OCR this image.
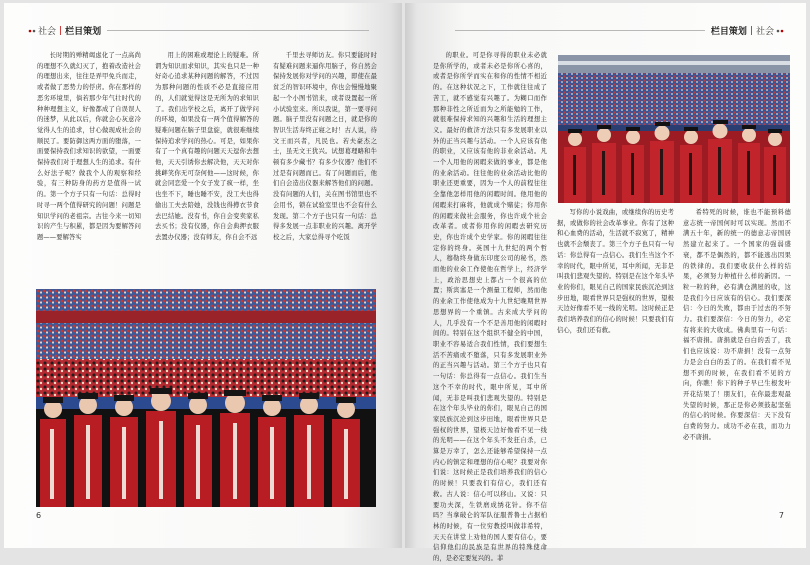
社会 | 栏目策划

长时期的殚精竭虑化了一点高尚的理想不久就幻灭了，抱着改造社会的理想出来，往往是弄甲免兵而走，或者做了恶势力的俘虏。你在那样的恶劣环境里，倘若那少年气壮时代的种种理想主义，好像都成了自误误人的迷梦，从此以后，你就会心灰意冷觉得人生的追求，甘心做现成社会的顺民了。要防御这两方面的堕落，一面要保持我们求知识的欲望，一面要保持我们对于理想人生的追求。有什么好法子呢？做我个人的观察和经验，有三种防身的药方是值得一试的。第一个方子只有一句话：总得时时寻一两个值得研究的问题！问题是知识学问的老祖宗。古往今来一切知识的产生与积累，都是因为要解答问题——要解答实

用上的困难或理论上的疑难。所谓为知识而求知识，其实也只是一种好奇心追求某种问题的解答，不过因为那种问题的性质不必是直接应用的，人们就觉得这是无所为的求知识了。我们出学校之后，离开了做学问的环境，如果没有一两个值得解答的疑难问题在脑子里盘旋，就很难继续保持追求学问的热心。可是，如果你有了一个真有趣的问题天天逗你去想他，天天引诱你去解决他，天天对你挑衅笑你无可奈何他——这时候，你就会同恋爱一个女子发了疯一样，坐也坐不下，睡也睡不安，没工夫也得偷出工夫去陪她，没钱也得撙衣节食去巴结她。没有书，你自会变卖家私去买书；没有仪器，你自会典押衣服去置办仪器；没有师友，你自会不远

千里去寻师访友。你只要能时时有疑难问题来逼你用脑子，你自然会保持发展你对学问的兴趣，即使在最贫乏的智识环境中，你也会慢慢地聚起一个小图书馆来，或者设置起一所小试验室来。所以我说，第一要寻问题。脑子里没有问题之日，就是你的智识生活寿终正寝之时！古人说，待文王而兴者，凡民也。若夫豪杰之士，虽无文王犹兴。试想葛理略和牛顿有多少藏书？有多少仪器？他们不过是有问题而已。有了问题而后，他们自会造出仪器来解答他们的问题。没有问题的人们，关在图书馆里也不会用书，锁在试验室里也不会有什么发现。第二个方子也只有一句话：总得多发展一点非职业的兴趣。离开学校之后，大家总得寻个吃饭

6
栏目策划 | 社会

的职业。可是你寻得的职业未必就是你所学的，或者未必是你所心喜的，或者是你所学而实在和你的性情不相近的。在这种状况之下，工作就往往成了苦工，就不感觉有兴趣了。为糊口而作那种非性之所近而为之所能勉的工作，就很难保持求知的兴趣和生活的理想主义。最好的救济方法只有多发展职业以外的正当兴趣与活动。一个人应该有他的职业，又应该有他的非业余活动。凡一个人用他的闲暇来做的事业，都是他的业余活动。往往他的业余活动比他的职业还更重要，因为一个人的前程往往全靠他怎样用他的闲暇时间。他用他的闲暇来打麻将，他就成个赌徒；你用你的闲暇来做社会服务，你也许成个社会改革者。或者你用你的闲暇去研究历史，你也许成个史学家。你的闲暇往往定你的终身。英国十九世纪的两个哲人，穆勒终身做东印度公司的秘书，然而他的业余工作使他在哲学上，经济学上，政治思想史上都占一个很高的位置；斯宾塞是一个测量工程师，然而他的业余工作使他成为十九世纪晚期世界思想界的一个重镇。古来成大学问的人，几乎没有一个不是善用他的闲暇时间的。特别在这个组织不健全的中国，职业不容易适合我们性情，我们要想生活不苦痛或不堕落，只有多发展职业外的正当兴趣与活动。第三个方子也只有一句话：你总得有一点信心。我们生当这个不幸的时代，眼中所见，耳中所闻，无非是叫我们悲观失望的。特别是在这个年头毕业的你们，眼见自己的国家民族沉沦到这步田地，眼看世界只是强权的世界，望极天边好像看不见一线的光明——在这个年头不发狂自杀，已算是万幸了，怎么还能够希望保持一点内心的镇定和理想的信心呢？我要对你们说：这时候正是我们培养我们的信心的时候！只要我们有信心，我们还有救。古人说：信心可以移山。又说：只要功夫深，生铁磨成绣花针。你不信吗？当拿破仑的军队征服普鲁士占据柏林的时候，有一位穷教授叫做菲希特，天天在讲堂上劝他的国人要有信心，要信仰他们的民族是有世界的特殊使命的，是必定要复兴的。菲

写你的小说戏曲，或继续你的历史考据，或做你的社会改革事业。你有了这种和心血费的活动，生活就不寂寞了，精神也就不会颓丧了。第三个方子也只有一句话：你总得有一点信心。我们生当这个不幸的时代，眼中所见，耳中所闻，无非是叫我们悲观失望的。特别是在这个年头毕业的你们，眼见自己的国家民族沉沦到这步田地，眼看世界只是强权的世界，望极天边好像看不见一线的光明。这时候正是我们培养我们的信心的时候！只要我们有信心，我们还有救。

希特死的时候，谁也不能预料德意志统一帝国何时可以实现。然而不满五十年，新的统一的德意志帝国居然建立起来了。一个国家的强弱盛衰，都不是偶然的，都不能逃出因果的铁律的。我们要收获什么样的结果，必须努力种植什么样的新因。一粒一粒的种，必有满仓满屋的收，这是我们今日应该有的信心。我们要深信：今日的失败，都由于过去的不努力。我们要深信：今日的努力，必定有将来的大收成。佛典里有一句话：福不唐捐。唐捐就是白白的丢了，我们也应该说：功不唐捐！没有一点努力是会白白的丢了的。在我们看不见想不到的时候，在我们看不见的方向，你瞧！你下的种子早已生根发叶开花结果了！朋友们，在你最悲观最失望的时候，那正是你必须鼓起坚强的信心的时候。你要深信：天下没有白费的努力。成功不必在我，而功力必不唐捐。

7
